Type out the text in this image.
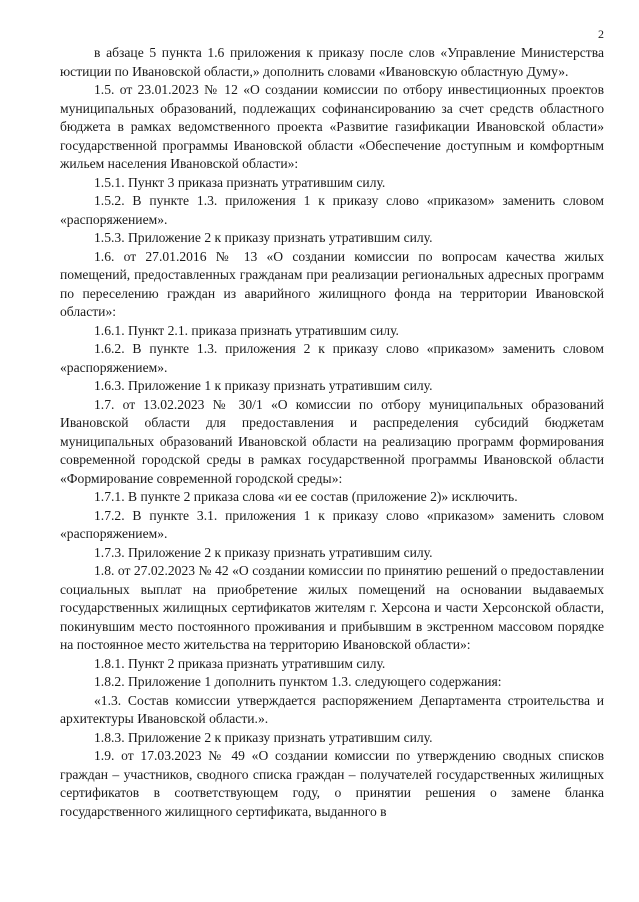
2

в абзаце 5 пункта 1.6 приложения к приказу после слов «Управление Министерства юстиции по Ивановской области,» дополнить словами «Ивановскую областную Думу».

1.5. от 23.01.2023 № 12 «О создании комиссии по отбору инвестиционных проектов муниципальных образований, подлежащих софинансированию за счет средств областного бюджета в рамках ведомственного проекта «Развитие газификации Ивановской области» государственной программы Ивановской области «Обеспечение доступным и комфортным жильем населения Ивановской области»:

1.5.1. Пункт 3 приказа признать утратившим силу.

1.5.2. В пункте 1.3. приложения 1 к приказу слово «приказом» заменить словом «распоряжением».

1.5.3. Приложение 2 к приказу признать утратившим силу.

1.6. от 27.01.2016 № 13 «О создании комиссии по вопросам качества жилых помещений, предоставленных гражданам при реализации региональных адресных программ по переселению граждан из аварийного жилищного фонда на территории Ивановской области»:

1.6.1. Пункт 2.1. приказа признать утратившим силу.

1.6.2. В пункте 1.3. приложения 2 к приказу слово «приказом» заменить словом «распоряжением».

1.6.3. Приложение 1 к приказу признать утратившим силу.

1.7. от 13.02.2023 № 30/1 «О комиссии по отбору муниципальных образований Ивановской области для предоставления и распределения субсидий бюджетам муниципальных образований Ивановской области на реализацию программ формирования современной городской среды в рамках государственной программы Ивановской области «Формирование современной городской среды»:

1.7.1. В пункте 2 приказа слова «и ее состав (приложение 2)» исключить.

1.7.2. В пункте 3.1. приложения 1 к приказу слово «приказом» заменить словом «распоряжением».

1.7.3. Приложение 2 к приказу признать утратившим силу.

1.8. от 27.02.2023 № 42 «О создании комиссии по принятию решений о предоставлении социальных выплат на приобретение жилых помещений на основании выдаваемых государственных жилищных сертификатов жителям г. Херсона и части Херсонской области, покинувшим место постоянного проживания и прибывшим в экстренном массовом порядке на постоянное место жительства на территорию Ивановской области»:

1.8.1. Пункт 2 приказа признать утратившим силу.

1.8.2. Приложение 1 дополнить пунктом 1.3. следующего содержания:

«1.3. Состав комиссии утверждается распоряжением Департамента строительства и архитектуры Ивановской области.».

1.8.3. Приложение 2 к приказу признать утратившим силу.

1.9. от 17.03.2023 № 49 «О создании комиссии по утверждению сводных списков граждан – участников, сводного списка граждан – получателей государственных жилищных сертификатов в соответствующем году, о принятии решения о замене бланка государственного жилищного сертификата, выданного в
